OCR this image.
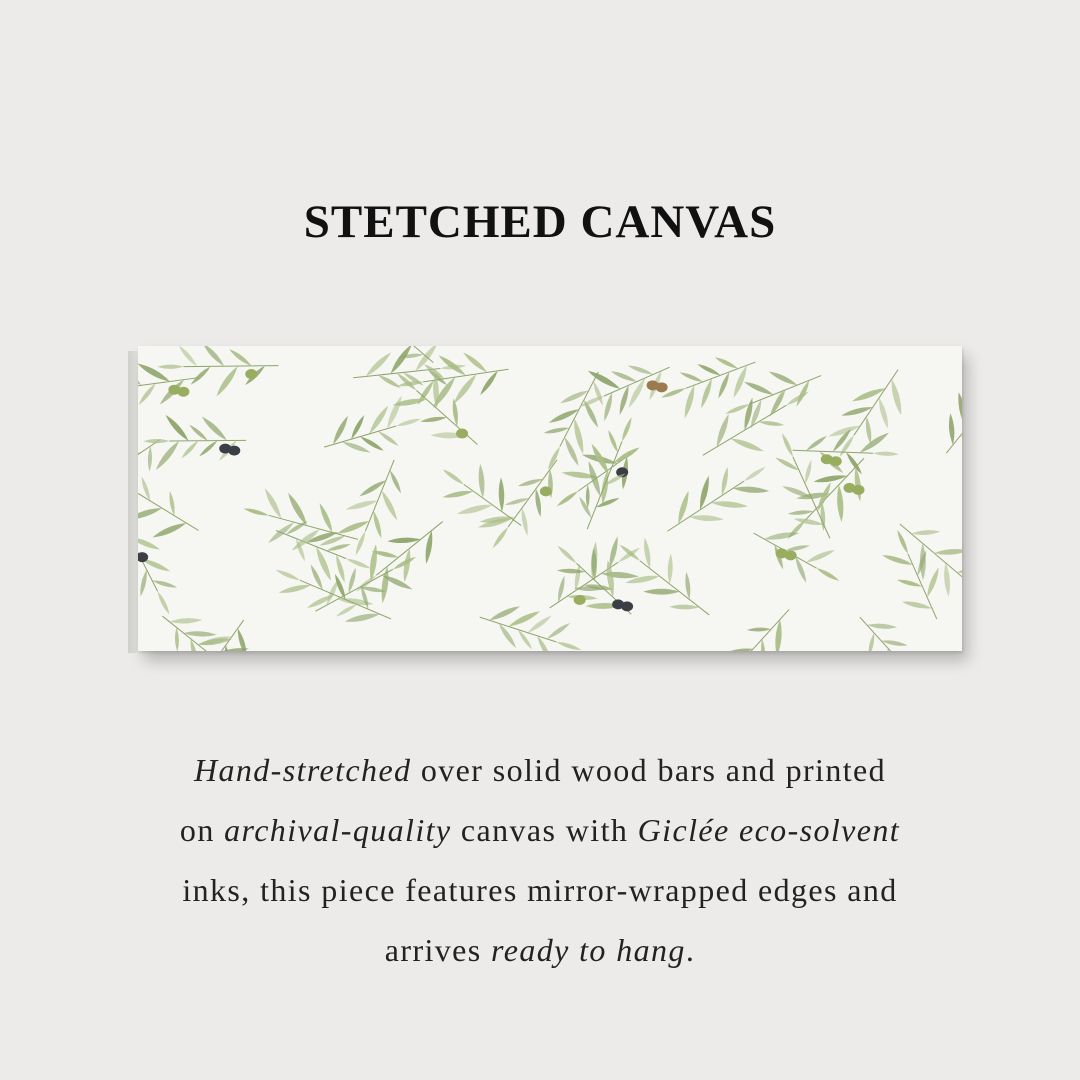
STETCHED CANVAS
Hand-stretched over solid wood bars and printed
on archival-quality canvas with Giclée eco-solvent
inks, this piece features mirror-wrapped edges and
arrives ready to hang.
